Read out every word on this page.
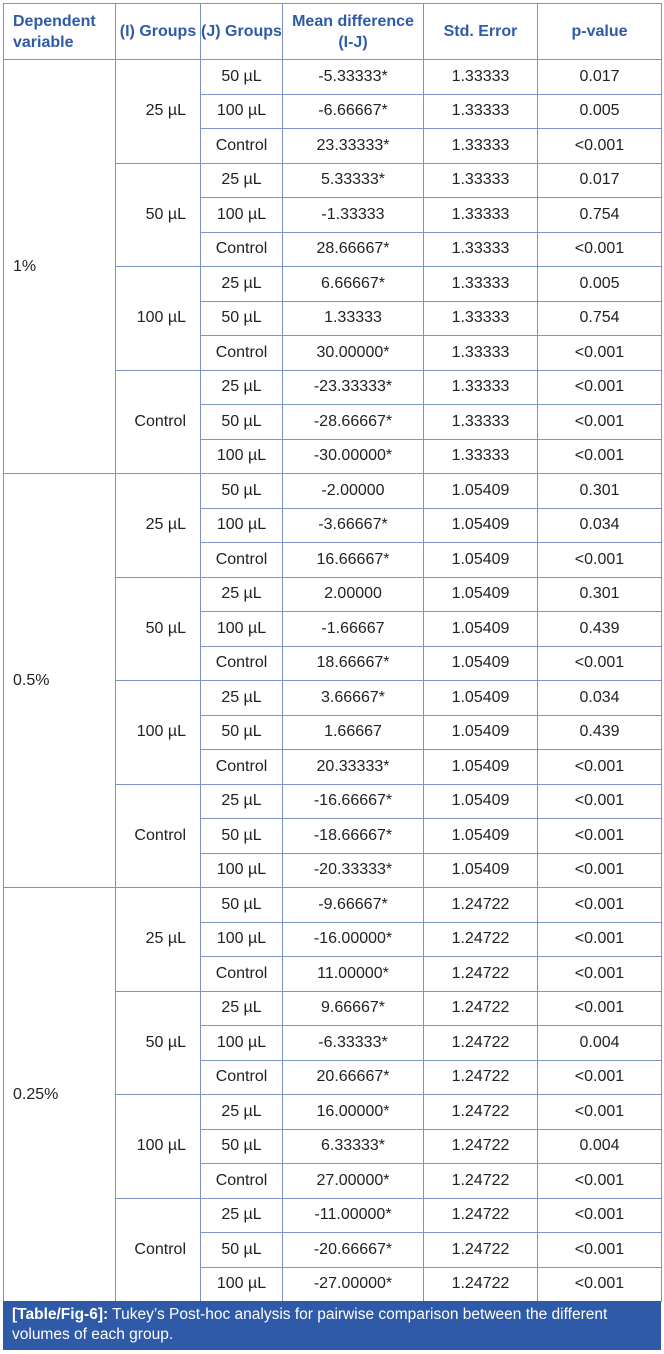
Dependent variable	(I) Groups	(J) Groups	Mean difference (I-J)	Std. Error	p-value
1%	25 µL	50 µL	-5.33333*	1.33333	0.017
		100 µL	-6.66667*	1.33333	0.005
		Control	23.33333*	1.33333	<0.001
	50 µL	25 µL	5.33333*	1.33333	0.017
		100 µL	-1.33333	1.33333	0.754
		Control	28.66667*	1.33333	<0.001
	100 µL	25 µL	6.66667*	1.33333	0.005
		50 µL	1.33333	1.33333	0.754
		Control	30.00000*	1.33333	<0.001
	Control	25 µL	-23.33333*	1.33333	<0.001
		50 µL	-28.66667*	1.33333	<0.001
		100 µL	-30.00000*	1.33333	<0.001
0.5%	25 µL	50 µL	-2.00000	1.05409	0.301
		100 µL	-3.66667*	1.05409	0.034
		Control	16.66667*	1.05409	<0.001
	50 µL	25 µL	2.00000	1.05409	0.301
		100 µL	-1.66667	1.05409	0.439
		Control	18.66667*	1.05409	<0.001
	100 µL	25 µL	3.66667*	1.05409	0.034
		50 µL	1.66667	1.05409	0.439
		Control	20.33333*	1.05409	<0.001
	Control	25 µL	-16.66667*	1.05409	<0.001
		50 µL	-18.66667*	1.05409	<0.001
		100 µL	-20.33333*	1.05409	<0.001
0.25%	25 µL	50 µL	-9.66667*	1.24722	<0.001
		100 µL	-16.00000*	1.24722	<0.001
		Control	11.00000*	1.24722	<0.001
	50 µL	25 µL	9.66667*	1.24722	<0.001
		100 µL	-6.33333*	1.24722	0.004
		Control	20.66667*	1.24722	<0.001
	100 µL	25 µL	16.00000*	1.24722	<0.001
		50 µL	6.33333*	1.24722	0.004
		Control	27.00000*	1.24722	<0.001
	Control	25 µL	-11.00000*	1.24722	<0.001
		50 µL	-20.66667*	1.24722	<0.001
		100 µL	-27.00000*	1.24722	<0.001
[Table/Fig-6]: Tukey’s Post-hoc analysis for pairwise comparison between the different volumes of each group.
